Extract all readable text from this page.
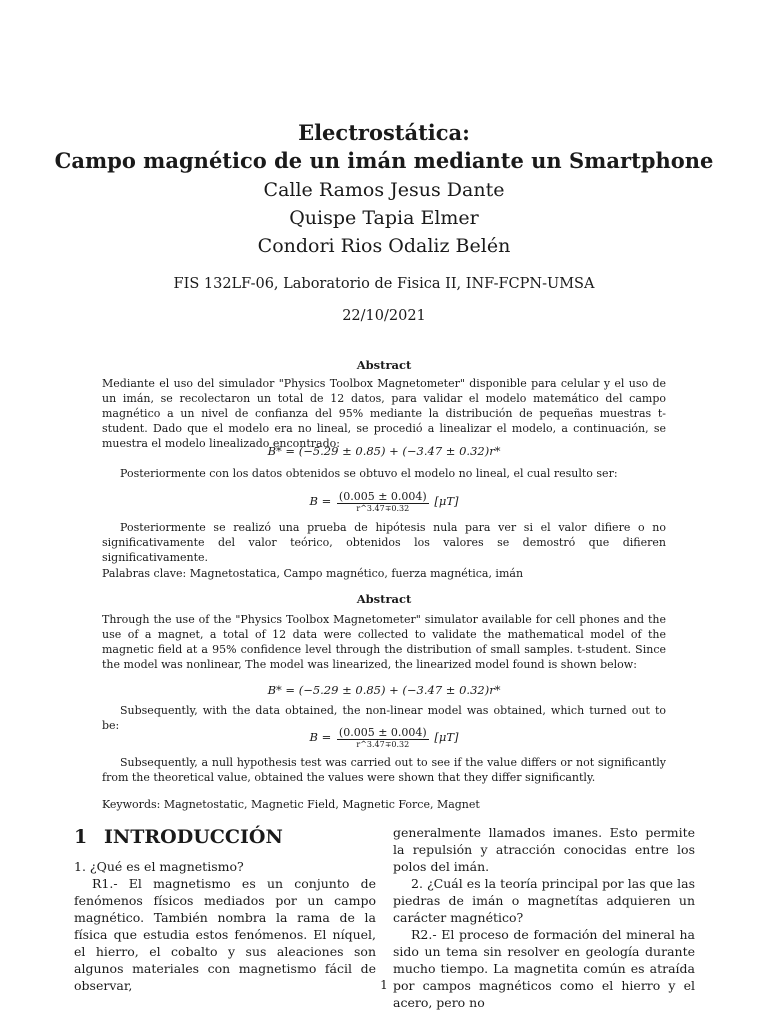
Electrostática:
Campo magnético de un imán mediante un Smartphone
Calle Ramos Jesus Dante
Quispe Tapia Elmer
Condori Rios Odaliz Belén
FIS 132LF-06, Laboratorio de Fisica II, INF-FCPN-UMSA
22/10/2021
Abstract
Mediante el uso del simulador "Physics Toolbox Magnetometer" disponible para celular y el uso de un imán, se recolectaron un total de 12 datos, para validar el modelo matemático del campo magnético a un nivel de confianza del 95% mediante la distribución de pequeñas muestras t-student. Dado que el modelo era no lineal, se procedió a linealizar el modelo, a continuación, se muestra el modelo linealizado encontrado:
B* = (−5.29 ± 0.85) + (−3.47 ± 0.32)r*
Posteriormente con los datos obtenidos se obtuvo el modelo no lineal, el cual resulto ser:
$B = \frac{(0.005 \pm 0.004)}{r\^{}3.47\mp 0.32} [\mu T]$
Posteriormente se realizó una prueba de hipótesis nula para ver si el valor difiere o no significativamente del valor teórico, obtenidos los valores se demostró que difieren significativamente.
Palabras clave: Magnetostatica, Campo magnético, fuerza magnética, imán
Abstract
Through the use of the "Physics Toolbox Magnetometer" simulator available for cell phones and the use of a magnet, a total of 12 data were collected to validate the mathematical model of the magnetic field at a 95% confidence level through the distribution of small samples. t-student. Since the model was nonlinear, The model was linearized, the linearized model found is shown below:
B* = (−5.29 ± 0.85) + (−3.47 ± 0.32)r*
Subsequently, with the data obtained, the non-linear model was obtained, which turned out to be:
$B = \frac{(0.005 \pm 0.004)}{r\^{}3.47\mp 0.32} [\mu T]$
Subsequently, a null hypothesis test was carried out to see if the value differs or not significantly from the theoretical value, obtained the values were shown that they differ significantly.
Keywords: Magnetostatic, Magnetic Field, Magnetic Force, Magnet
1 INTRODUCCIÓN

1. ¿Qué es el magnetismo?

R1.- El magnetismo es un conjunto de fenómenos físicos mediados por un campo magnético. También nombra la rama de la física que estudia estos fenómenos. El níquel, el hierro, el cobalto y sus aleaciones son algunos materiales con magnetismo fácil de observar,

generalmente llamados imanes. Esto permite la repulsión y atracción conocidas entre los polos del imán.

2. ¿Cuál es la teoría principal por las que las piedras de imán o magnetítas adquieren un carácter magnético?

R2.- El proceso de formación del mineral ha sido un tema sin resolver en geología durante mucho tiempo. La magnetita común es atraída por campos magnéticos como el hierro y el acero, pero no

1
